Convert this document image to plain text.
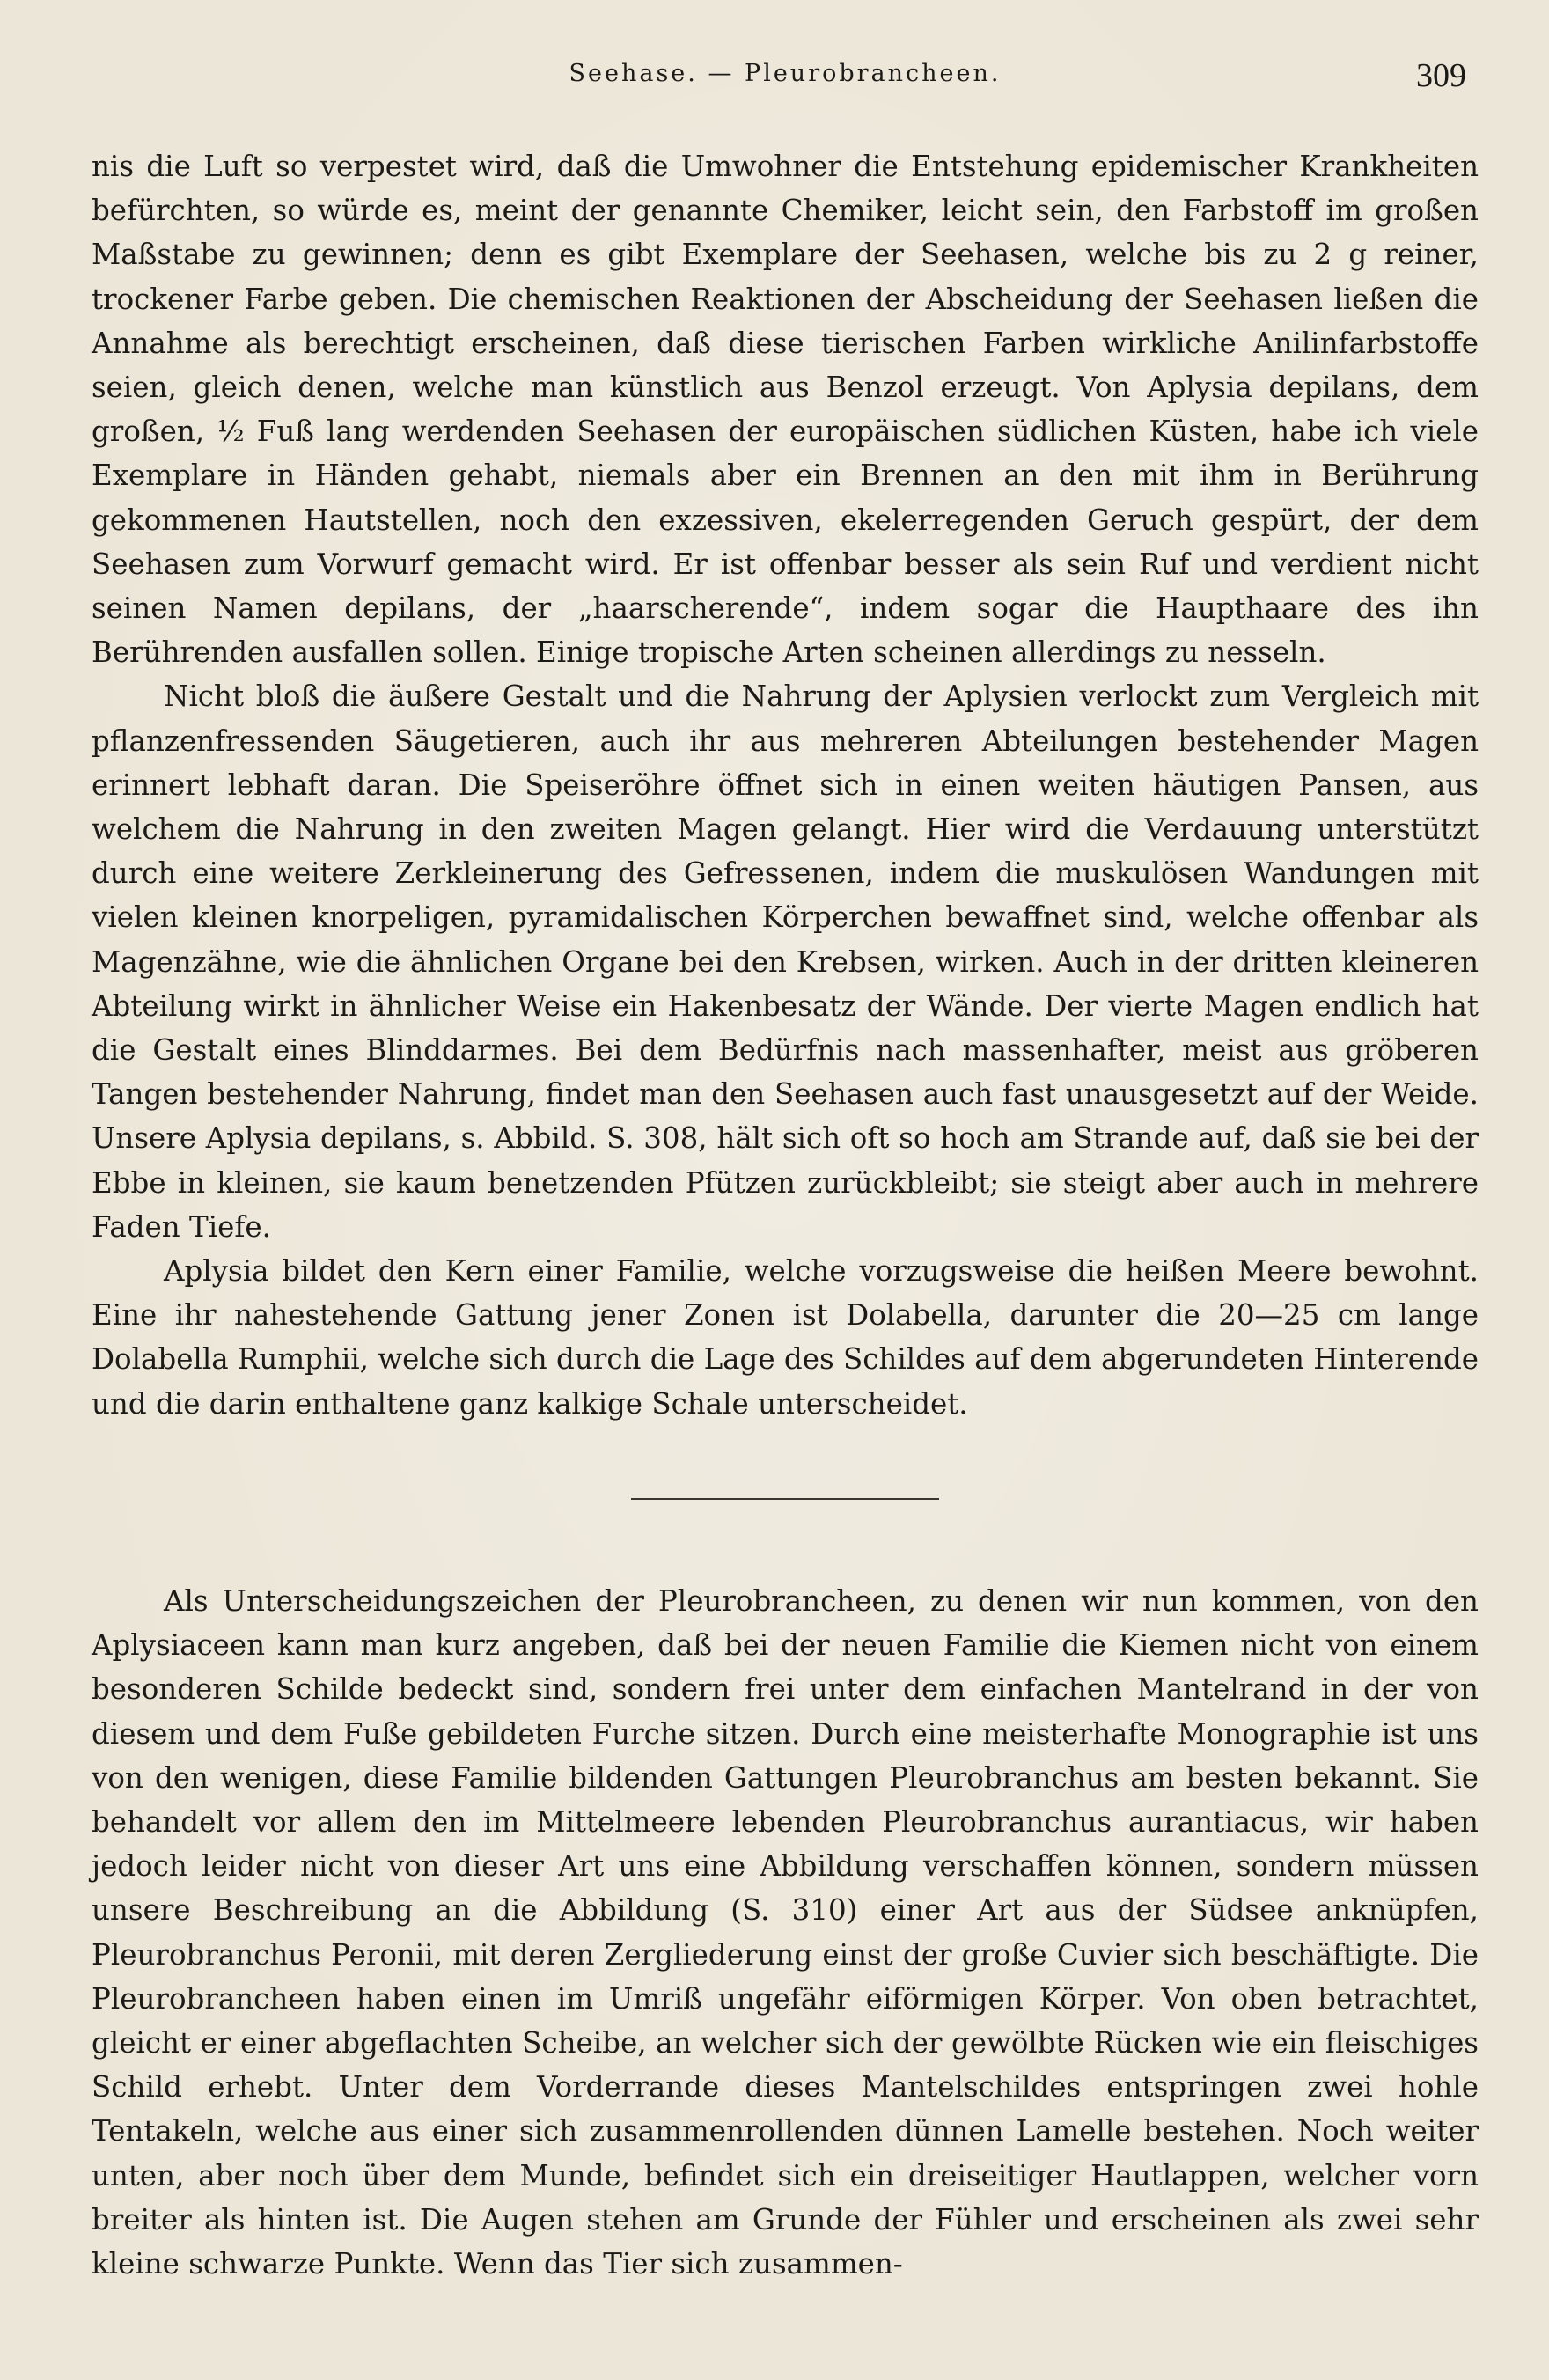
Seehase. — Pleurobrancheen.	309

nis die Luft so verpestet wird, daß die Umwohner die Entstehung epidemischer Krankheiten befürchten, so würde es, meint der genannte Chemiker, leicht sein, den Farbstoff im großen Maßstabe zu gewinnen; denn es gibt Exemplare der Seehasen, welche bis zu 2 g reiner, trockener Farbe geben. Die chemischen Reaktionen der Abscheidung der Seehasen ließen die Annahme als berechtigt erscheinen, daß diese tierischen Farben wirkliche Anilinfarbstoffe seien, gleich denen, welche man künstlich aus Benzol erzeugt. Von Aplysia depilans, dem großen, ½ Fuß lang werdenden Seehasen der europäischen südlichen Küsten, habe ich viele Exemplare in Händen gehabt, niemals aber ein Brennen an den mit ihm in Berührung gekommenen Hautstellen, noch den exzessiven, ekelerregenden Geruch gespürt, der dem Seehasen zum Vorwurf gemacht wird. Er ist offenbar besser als sein Ruf und verdient nicht seinen Namen depilans, der „haarscherende“, indem sogar die Haupthaare des ihn Berührenden ausfallen sollen. Einige tropische Arten scheinen allerdings zu nesseln.

Nicht bloß die äußere Gestalt und die Nahrung der Aplysien verlockt zum Vergleich mit pflanzenfressenden Säugetieren, auch ihr aus mehreren Abteilungen bestehender Magen erinnert lebhaft daran. Die Speiseröhre öffnet sich in einen weiten häutigen Pansen, aus welchem die Nahrung in den zweiten Magen gelangt. Hier wird die Verdauung unterstützt durch eine weitere Zerkleinerung des Gefressenen, indem die muskulösen Wandungen mit vielen kleinen knorpeligen, pyramidalischen Körperchen bewaffnet sind, welche offenbar als Magenzähne, wie die ähnlichen Organe bei den Krebsen, wirken. Auch in der dritten kleineren Abteilung wirkt in ähnlicher Weise ein Hakenbesatz der Wände. Der vierte Magen endlich hat die Gestalt eines Blinddarmes. Bei dem Bedürfnis nach massenhafter, meist aus gröberen Tangen bestehender Nahrung, findet man den Seehasen auch fast unausgesetzt auf der Weide. Unsere Aplysia depilans, s. Abbild. S. 308, hält sich oft so hoch am Strande auf, daß sie bei der Ebbe in kleinen, sie kaum benetzenden Pfützen zurückbleibt; sie steigt aber auch in mehrere Faden Tiefe.

Aplysia bildet den Kern einer Familie, welche vorzugsweise die heißen Meere bewohnt. Eine ihr nahestehende Gattung jener Zonen ist Dolabella, darunter die 20—25 cm lange Dolabella Rumphii, welche sich durch die Lage des Schildes auf dem abgerundeten Hinterende und die darin enthaltene ganz kalkige Schale unterscheidet.

Als Unterscheidungszeichen der Pleurobrancheen, zu denen wir nun kommen, von den Aplysiaceen kann man kurz angeben, daß bei der neuen Familie die Kiemen nicht von einem besonderen Schilde bedeckt sind, sondern frei unter dem einfachen Mantelrand in der von diesem und dem Fuße gebildeten Furche sitzen. Durch eine meisterhafte Monographie ist uns von den wenigen, diese Familie bildenden Gattungen Pleurobranchus am besten bekannt. Sie behandelt vor allem den im Mittelmeere lebenden Pleurobranchus aurantiacus, wir haben jedoch leider nicht von dieser Art uns eine Abbildung verschaffen können, sondern müssen unsere Beschreibung an die Abbildung (S. 310) einer Art aus der Südsee anknüpfen, Pleurobranchus Peronii, mit deren Zergliederung einst der große Cuvier sich beschäftigte. Die Pleurobrancheen haben einen im Umriß ungefähr eiförmigen Körper. Von oben betrachtet, gleicht er einer abgeflachten Scheibe, an welcher sich der gewölbte Rücken wie ein fleischiges Schild erhebt. Unter dem Vorderrande dieses Mantelschildes entspringen zwei hohle Tentakeln, welche aus einer sich zusammenrollenden dünnen Lamelle bestehen. Noch weiter unten, aber noch über dem Munde, befindet sich ein dreiseitiger Hautlappen, welcher vorn breiter als hinten ist. Die Augen stehen am Grunde der Fühler und erscheinen als zwei sehr kleine schwarze Punkte. Wenn das Tier sich zusammen-
